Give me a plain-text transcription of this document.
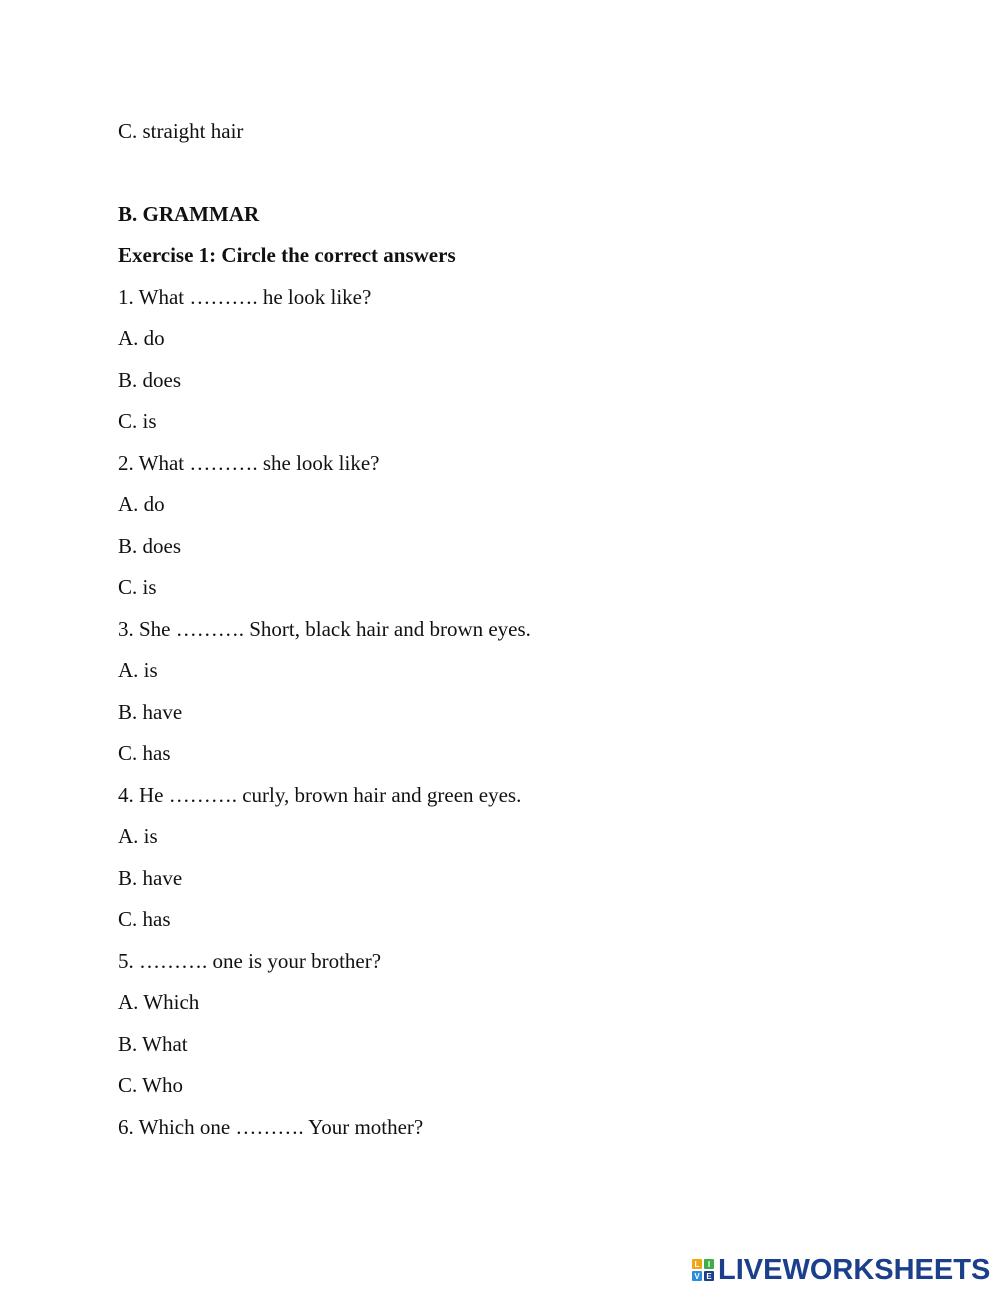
C. straight hair
B. GRAMMAR
Exercise 1: Circle the correct answers
1. What ………. he look like?
A. do
B. does
C. is
2. What ………. she look like?
A. do
B. does
C. is
3. She ………. Short, black hair and brown eyes.
A. is
B. have
C. has
4. He ………. curly, brown hair and green eyes.
A. is
B. have
C. has
5. ………. one is your brother?
A. Which
B. What
C. Who
6. Which one ………. Your mother?
L	I
V E LIVEWORKSHEETS
